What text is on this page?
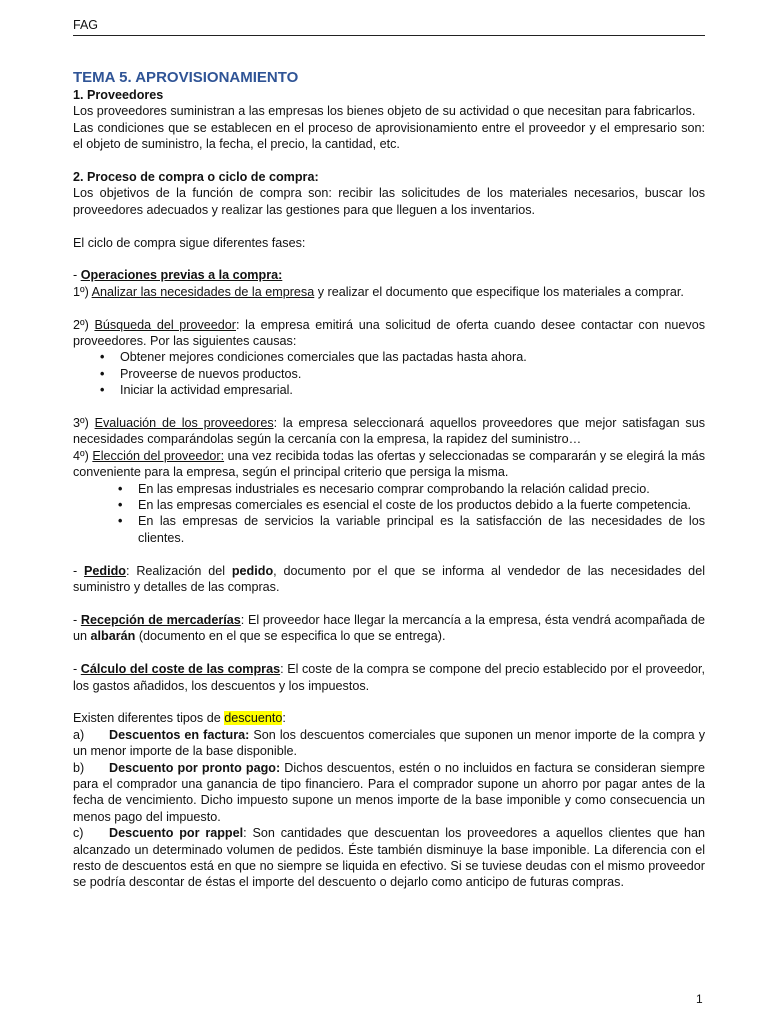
FAG
TEMA 5. APROVISIONAMIENTO

1. Proveedores

Los proveedores suministran a las empresas los bienes objeto de su actividad o que necesitan para fabricarlos.

Las condiciones que se establecen en el proceso de aprovisionamiento entre el proveedor y el empresario son: el objeto de suministro, la fecha, el precio, la cantidad, etc.

2. Proceso de compra o ciclo de compra:

Los objetivos de la función de compra son: recibir las solicitudes de los materiales necesarios, buscar los proveedores adecuados y realizar las gestiones para que lleguen a los inventarios.

El ciclo de compra sigue diferentes fases:

- Operaciones previas a la compra:

1º) Analizar las necesidades de la empresa y realizar el documento que especifique los materiales a comprar.

2º) Búsqueda del proveedor: la empresa emitirá una solicitud de oferta cuando desee contactar con nuevos proveedores. Por las siguientes causas:

• Obtener mejores condiciones comerciales que las pactadas hasta ahora.
• Proveerse de nuevos productos.
• Iniciar la actividad empresarial.

3º) Evaluación de los proveedores: la empresa seleccionará aquellos proveedores que mejor satisfagan sus necesidades comparándolas según la cercanía con la empresa, la rapidez del suministro…

4º) Elección del proveedor: una vez recibida todas las ofertas y seleccionadas se compararán y se elegirá la más conveniente para la empresa, según el principal criterio que persiga la misma.

• En las empresas industriales es necesario comprar comprobando la relación calidad precio.
• En las empresas comerciales es esencial el coste de los productos debido a la fuerte competencia.
• En las empresas de servicios la variable principal es la satisfacción de las necesidades de los clientes.

- Pedido: Realización del pedido, documento por el que se informa al vendedor de las necesidades del suministro y detalles de las compras.

- Recepción de mercaderías: El proveedor hace llegar la mercancía a la empresa, ésta vendrá acompañada de un albarán (documento en el que se especifica lo que se entrega).

- Cálculo del coste de las compras: El coste de la compra se compone del precio establecido por el proveedor, los gastos añadidos, los descuentos y los impuestos.

Existen diferentes tipos de descuento:

a) Descuentos en factura: Son los descuentos comerciales que suponen un menor importe de la compra y un menor importe de la base disponible.

b) Descuento por pronto pago: Dichos descuentos, estén o no incluidos en factura se consideran siempre para el comprador una ganancia de tipo financiero. Para el comprador supone un ahorro por pagar antes de la fecha de vencimiento. Dicho impuesto supone un menos importe de la base imponible y como consecuencia un menos pago del impuesto.

c) Descuento por rappel: Son cantidades que descuentan los proveedores a aquellos clientes que han alcanzado un determinado volumen de pedidos. Éste también disminuye la base imponible. La diferencia con el resto de descuentos está en que no siempre se liquida en efectivo. Si se tuviese deudas con el mismo proveedor se podría descontar de éstas el importe del descuento o dejarlo como anticipo de futuras compras.

1
